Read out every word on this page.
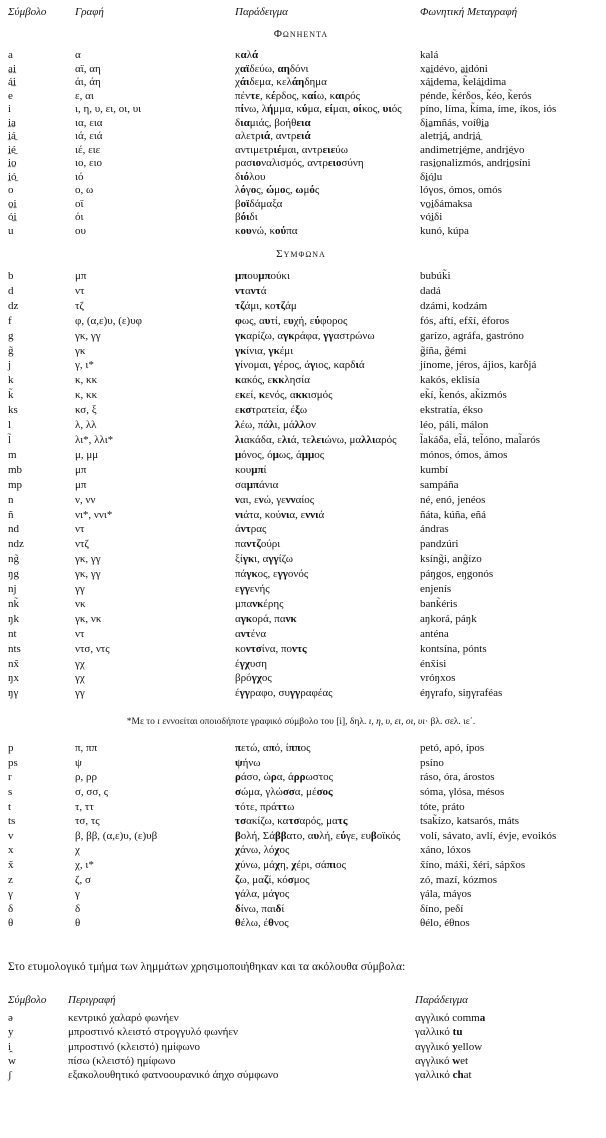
Σύμβολο	Γραφή	Παράδειγμα	Φωνητική Μεταγραφή
Φωνηεντα
a	α	καλά	kalá
a̱i̱	αϊ, αη	χαϊδεύω, αηδόνι	xa̱i̱dévo, a̱i̱dóni
á̱i̱	άι, άη	χάιδεμα, κελάηδημα	xá̱i̱dema, k̃elá̱i̱dima
e	ε, αι	πέντε, κέρδος, καίω, καιρός	pénde, k̃érδos, k̃éo, k̃erós
i	ι, η, υ, ει, οι, υι	πίνω, λήμμα, κύμα, είμαι, οίκος, υιός	píno, líma, k̃íma, íme, íkos, iós
i̱a̱	ια, εια	διαμιάς, βοήθεια	δi̱a̱mñás, voíθi̱a̱
i̱á̱	ιά, ειά	αλετριά, αντρειά	aletri̱á̱, andri̱á̱
i̱é̱	ιέ, ειε	αντιμετριέμαι, αντρειεύω	andimetri̱é̱me, andri̱é̱vo
i̱o̱	ιο, ειο	ρασιοναλισμός, αντρειοσύνη	rasi̱o̱nalizmós, andri̱o̱síni
i̱ó̱	ιό	διόλου	δi̱ó̱lu
o	ο, ω	λόγος, ώμος, ωμός	lóγos, ómos, omós
o̱i̱	οϊ	βοϊδάμαξα	vo̱i̱δámaksa
ó̱i̱	όι	βόιδι	vó̱i̱δi
u	ου	κουνώ, κούπα	kunó, kúpa
Συμφωνα
b	μπ	μπουμπούκι	bubúk̃i
d	ντ	νταντά	dadá
dz	τζ	τζάμι, κοτζάμ	dzámi, kodzám
f	φ, (α,ε)υ, (ε)υφ	φως, αυτί, ευχή, εύφορος	fós, aftí, efx̃í, éforos
g	γκ, γγ	γκαρίζω, αγκράφα, γγαστρώνω	garízo, agráfa, gastróno
g̃	γκ	γκίνια, γκέμι	g̃íña, g̃émi
j	γ, ι*	γίνομαι, γέρος, άγιος, καρδιά	jínome, jéros, ájios, karδjá
k	κ, κκ	κακός, εκκλησία	kakós, eklisía
k̃	κ, κκ	εκεί, κενός, ακκισμός	ek̃í, k̃enós, ak̃izmós
ks	κσ, ξ	εκστρατεία, έξω	ekstratía, ékso
l	λ, λλ	λέω, πάλι, μάλλον	léo, páli, málon
l̃	λι*, λλι*	λιακάδα, ελιά, τελειώνω, μαλλιαρός	l̃akáδa, el̃á, tel̃óno, mal̃arós
m	μ, μμ	μόνος, όμως, άμμος	mónos, ómos, ámos
mb	μπ	κουμπί	kumbí
mp	μπ	σαμπάνια	sampáña
n	ν, νν	ναι, ενώ, γενναίος	né, enó, jenéos
ñ	νι*, ννι*	νιάτα, κούνια, εννιά	ñáta, kúña, eñá
nd	ντ	άντρας	ándras
ndz	ντζ	παντζούρι	pandzúri
ng̃	γκ, γγ	ξίγκι, αγγίζω	ksíng̃i, ang̃ízo
ŋg	γκ, γγ	πάγκος, εγγονός	páŋgos, eŋgonós
nj	γγ	εγγενής	enjenís
nk̃	νκ	μπανκέρης	bank̃éris
ŋk	γκ, νκ	αγκορά, πανκ	aŋkorá, páŋk
nt	ντ	αντένα	anténa
nts	ντσ, ντς	κοντσίνα, ποντς	kontsína, pónts
nx̃	γχ	έγχυση	énx̃isi
ŋx	γχ	βρόγχος	vróŋxos
ŋγ	γγ	έγγραφο, συγγραφέας	éŋγrafo, siŋγraféas
*Με το ι εννοείται οποιοδήποτε γραφικό σύμβολο του [i], δηλ. ι, η, υ, ει, οι, υι· βλ. σελ. ιε΄.
p	π, ππ	πετώ, από, ίππος	petó, apó, ípos
ps	ψ	ψήνω	psíno
r	ρ, ρρ	ράσο, ώρα, άρρωστος	ráso, óra, árostos
s	σ, σσ, ς	σώμα, γλώσσα, μέσος	sóma, γlósa, mésos
t	τ, ττ	τότε, πράττω	tóte, práto
ts	τσ, τς	τσακίζω, κατσαρός, ματς	tsak̃ízo, katsarós, máts
v	β, ββ, (α,ε)υ, (ε)υβ	βολή, Σάββατο, αυλή, εύγε, ευβοϊκός	volí, sávato, avlí, évje, evoikós
x	χ	χάνω, λόχος	xáno, lóxos
x̃	χ, ι*	χύνω, μάχη, χέρι, σάπιος	x̃íno, máx̃i, x̃éri, sápx̃os
z	ζ, σ	ζω, μαζί, κόσμος	zó, mazí, kózmos
γ	γ	γάλα, μάγος	γála, máγos
δ	δ	δίνω, παιδί	δíno, peδí
θ	θ	θέλω, έθνος	θélo, éθnos
Στο ετυμολογικό τμήμα των λημμάτων χρησιμοποιήθηκαν και τα ακόλουθα σύμβολα:
Σύμβολο	Περιγραφή	Παράδειγμα
ə	κεντρικό χαλαρό φωνήεν	αγγλικό comma
y	μπροστινό κλειστό στρογγυλό φωνήεν	γαλλικό tu
i̯	μπροστινό (κλειστό) ημίφωνο	αγγλικό yellow
w	πίσω (κλειστό) ημίφωνο	αγγλικό wet
ʃ	εξακολουθητικό φατνοουρανικό άηχο σύμφωνο	γαλλικό chat
